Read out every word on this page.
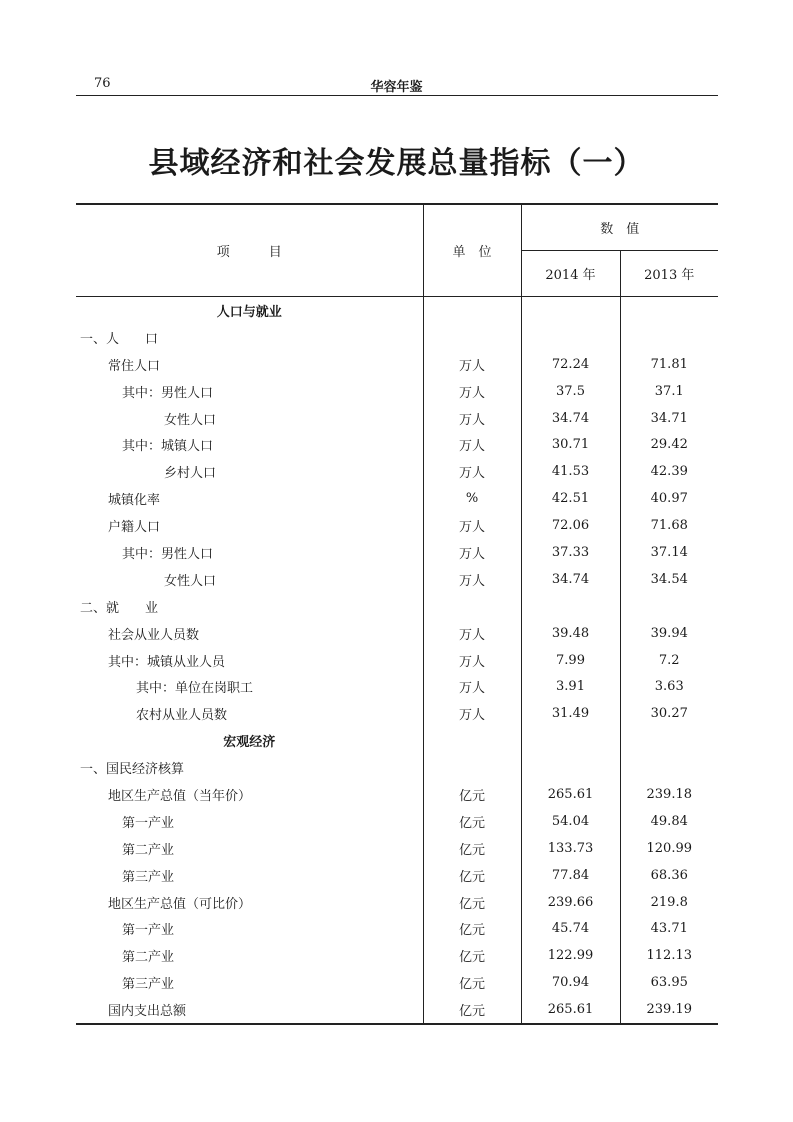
76	华容年鉴
县域经济和社会发展总量指标（一）
项　　　目	单　位	数　值	
		2014 年	2013 年
人口与就业			
一、人　　口			
常住人口	万人	72.24	71.81
其中：男性人口	万人	37.5	37.1
女性人口	万人	34.74	34.71
其中：城镇人口	万人	30.71	29.42
乡村人口	万人	41.53	42.39
城镇化率	%	42.51	40.97
户籍人口	万人	72.06	71.68
其中：男性人口	万人	37.33	37.14
女性人口	万人	34.74	34.54
二、就　　业			
社会从业人员数	万人	39.48	39.94
其中：城镇从业人员	万人	7.99	7.2
其中：单位在岗职工	万人	3.91	3.63
农村从业人员数	万人	31.49	30.27
宏观经济			
一、国民经济核算			
地区生产总值（当年价）	亿元	265.61	239.18
第一产业	亿元	54.04	49.84
第二产业	亿元	133.73	120.99
第三产业	亿元	77.84	68.36
地区生产总值（可比价）	亿元	239.66	219.8
第一产业	亿元	45.74	43.71
第二产业	亿元	122.99	112.13
第三产业	亿元	70.94	63.95
国内支出总额	亿元	265.61	239.19
